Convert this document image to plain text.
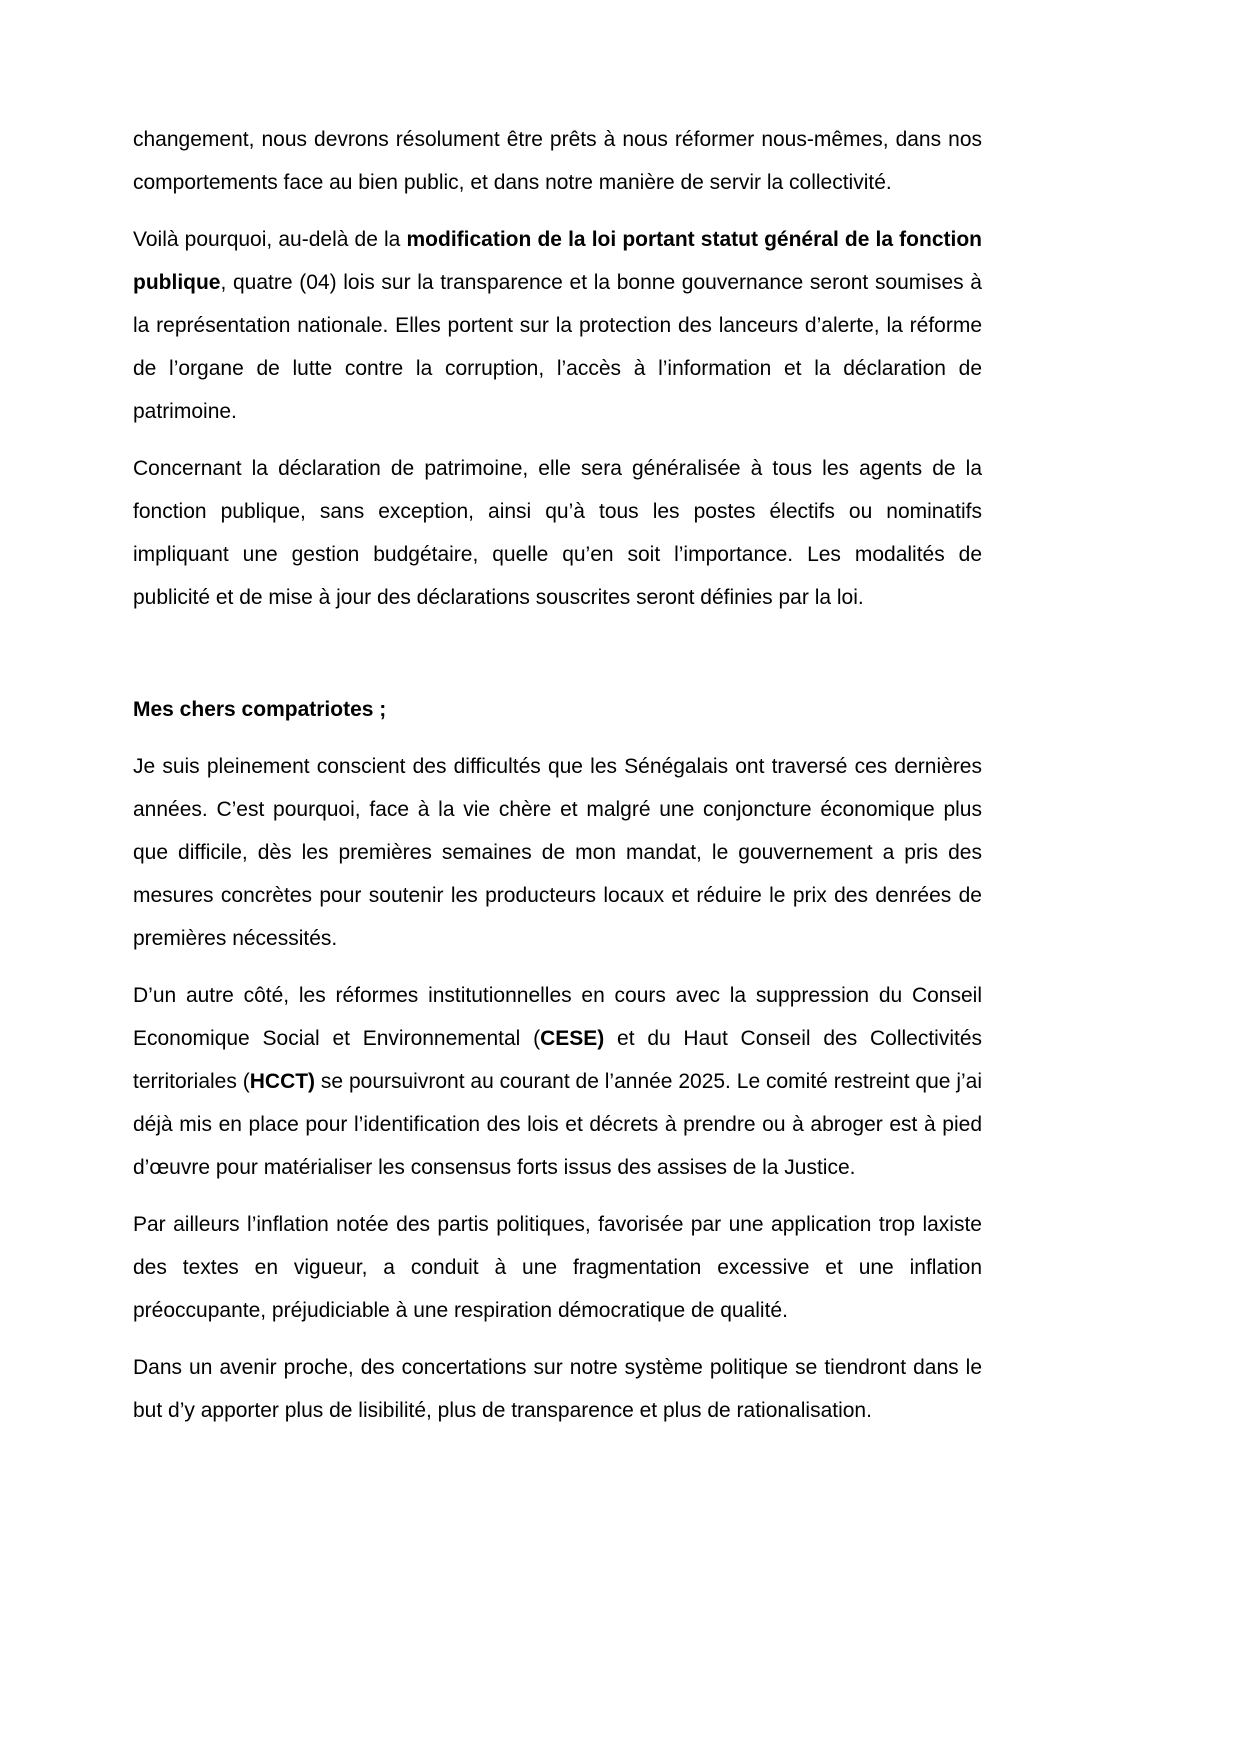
changement, nous devrons résolument être prêts à nous réformer nous-mêmes, dans nos comportements face au bien public, et dans notre manière de servir la collectivité.

Voilà pourquoi, au-delà de la modification de la loi portant statut général de la fonction publique, quatre (04) lois sur la transparence et la bonne gouvernance seront soumises à la représentation nationale. Elles portent sur la protection des lanceurs d’alerte, la réforme de l’organe de lutte contre la corruption, l’accès à l’information et la déclaration de patrimoine.

Concernant la déclaration de patrimoine, elle sera généralisée à tous les agents de la fonction publique, sans exception, ainsi qu’à tous les postes électifs ou nominatifs impliquant une gestion budgétaire, quelle qu’en soit l’importance. Les modalités de publicité et de mise à jour des déclarations souscrites seront définies par la loi.

Mes chers compatriotes ;

Je suis pleinement conscient des difficultés que les Sénégalais ont traversé ces dernières années. C’est pourquoi, face à la vie chère et malgré une conjoncture économique plus que difficile, dès les premières semaines de mon mandat, le gouvernement a pris des mesures concrètes pour soutenir les producteurs locaux et réduire le prix des denrées de premières nécessités.

D’un autre côté, les réformes institutionnelles en cours avec la suppression du Conseil Economique Social et Environnemental (CESE) et du Haut Conseil des Collectivités territoriales (HCCT) se poursuivront au courant de l’année 2025. Le comité restreint que j’ai déjà mis en place pour l’identification des lois et décrets à prendre ou à abroger est à pied d’œuvre pour matérialiser les consensus forts issus des assises de la Justice.

Par ailleurs l’inflation notée des partis politiques, favorisée par une application trop laxiste des textes en vigueur, a conduit à une fragmentation excessive et une inflation préoccupante, préjudiciable à une respiration démocratique de qualité.

Dans un avenir proche, des concertations sur notre système politique se tiendront dans le but d’y apporter plus de lisibilité, plus de transparence et plus de rationalisation.
